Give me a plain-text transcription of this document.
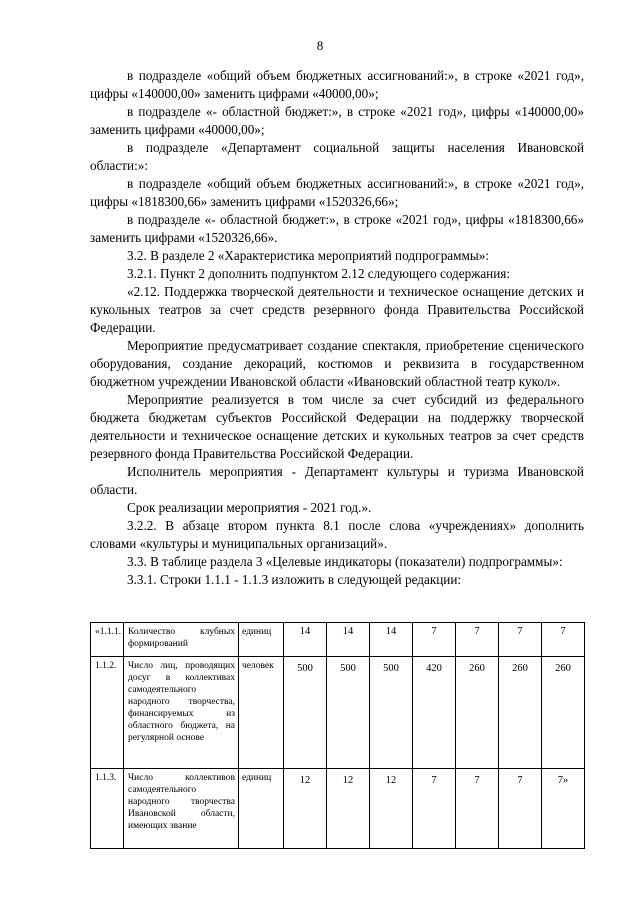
8

в подразделе «общий объем бюджетных ассигнований:», в строке «2021 год», цифры «140000,00» заменить цифрами «40000,00»;

в подразделе «- областной бюджет:», в строке «2021 год», цифры «140000,00» заменить цифрами «40000,00»;

в подразделе «Департамент социальной защиты населения Ивановской области:»:

в подразделе «общий объем бюджетных ассигнований:», в строке «2021 год», цифры «1818300,66» заменить цифрами «1520326,66»;

в подразделе «- областной бюджет:», в строке «2021 год», цифры «1818300,66» заменить цифрами «1520326,66».

3.2. В разделе 2 «Характеристика мероприятий подпрограммы»:

3.2.1. Пункт 2 дополнить подпунктом 2.12 следующего содержания:

«2.12. Поддержка творческой деятельности и техническое оснащение детских и кукольных театров за счет средств резервного фонда Правительства Российской Федерации.

Мероприятие предусматривает создание спектакля, приобретение сценического оборудования, создание декораций, костюмов и реквизита в государственном бюджетном учреждении Ивановской области «Ивановский областной театр кукол».

Мероприятие реализуется в том числе за счет субсидий из федерального бюджета бюджетам субъектов Российской Федерации на поддержку творческой деятельности и техническое оснащение детских и кукольных театров за счет средств резервного фонда Правительства Российской Федерации.

Исполнитель мероприятия - Департамент культуры и туризма Ивановской области.

Срок реализации мероприятия - 2021 год.».

3.2.2. В абзаце втором пункта 8.1 после слова «учреждениях» дополнить словами «культуры и муниципальных организаций».

3.3. В таблице раздела 3 «Целевые индикаторы (показатели) подпрограммы»:

3.3.1. Строки 1.1.1 - 1.1.3 изложить в следующей редакции:

«1.1.1.	Количество клубных формирований	единиц	14	14	14	7	7	7	7
1.1.2.	Число лиц, проводящих досуг в коллективах самодеятельного народного творчества, финансируемых из областного бюджета, на регулярной основе	человек	500	500	500	420	260	260	260
1.1.3.	Число коллективов самодеятельного народного творчества Ивановской области, имеющих звание	единиц	12	12	12	7	7	7	7»
